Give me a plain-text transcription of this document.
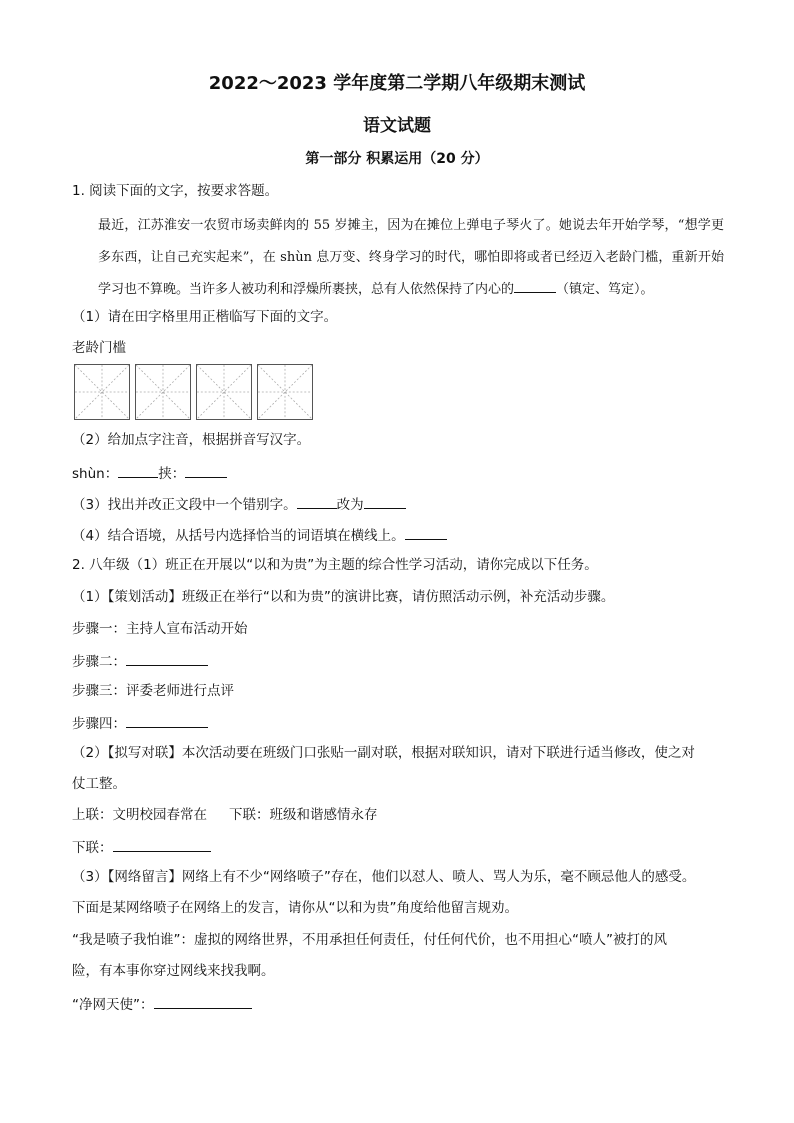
2022～2023 学年度第二学期八年级期末测试
语文试题
第一部分 积累运用（20 分）
1. 阅读下面的文字，按要求答题。

最近，江苏淮安一农贸市场卖鲜肉的 55 岁摊主，因为在摊位上弹电子琴火了。她说去年开始学琴，“想学更多东西，让自己充实起来”，在 shùn 息万变、终身学习的时代，哪怕即将或者已经迈入老龄门槛，重新开始学习也不算晚。当许多人被功利和浮燥所裹挟，总有人依然保持了内心的	（镇定、笃定）。

（1）请在田字格里用正楷临写下面的文字。
老龄门槛
（2）给加点字注音，根据拼音写汉字。
shùn：	挟：
（3）找出并改正文段中一个错别字。	改为
（4）结合语境，从括号内选择恰当的词语填在横线上。
2. 八年级（1）班正在开展以“以和为贵”为主题的综合性学习活动，请你完成以下任务。
（1）【策划活动】班级正在举行“以和为贵”的演讲比赛，请仿照活动示例，补充活动步骤。
步骤一：主持人宣布活动开始
步骤二：
步骤三：评委老师进行点评
步骤四：
（2）【拟写对联】本次活动要在班级门口张贴一副对联，根据对联知识，请对下联进行适当修改，使之对
仗工整。
上联：文明校园春常在 下联：班级和谐感情永存
下联：
（3）【网络留言】网络上有不少“网络喷子”存在，他们以怼人、喷人、骂人为乐，毫不顾忌他人的感受。
下面是某网络喷子在网络上的发言，请你从“以和为贵”角度给他留言规劝。
“我是喷子我怕谁”：虚拟的网络世界，不用承担任何责任，付任何代价，也不用担心“喷人”被打的风
险，有本事你穿过网线来找我啊。
“净网天使”：
